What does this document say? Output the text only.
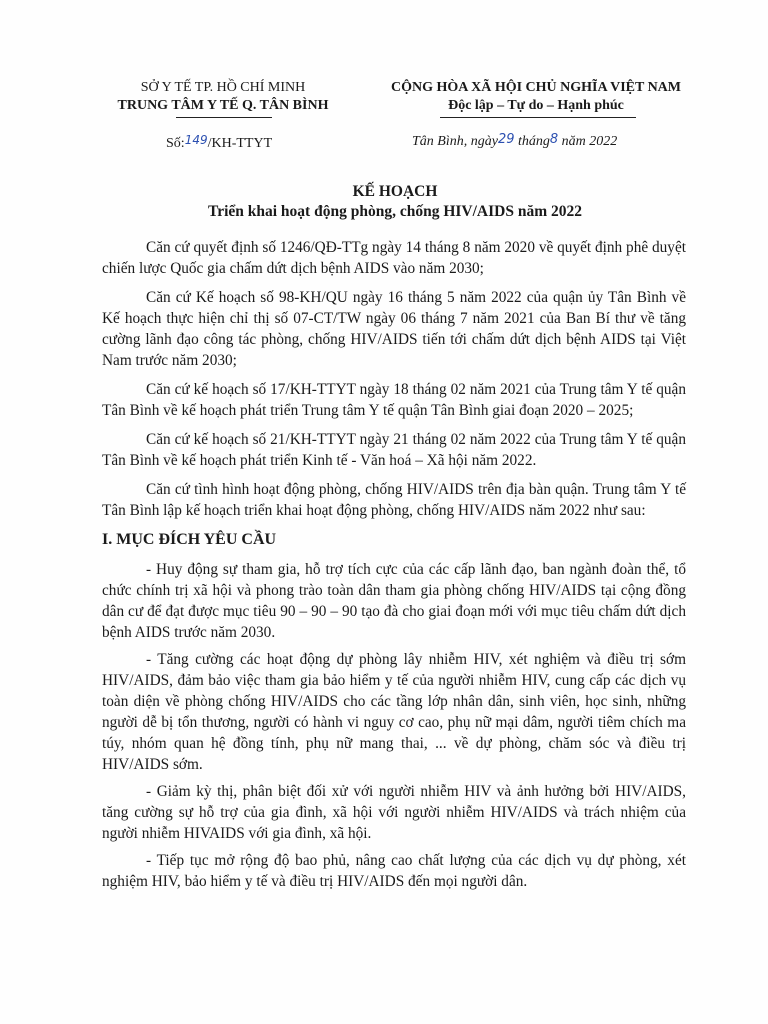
SỞ Y TẾ TP. HỒ CHÍ MINH
TRUNG TÂM Y TẾ Q. TÂN BÌNH
CỘNG HÒA XÃ HỘI CHỦ NGHĨA VIỆT NAM
Độc lập – Tự do – Hạnh phúc
Số:149/KH-TTYT	Tân Bình, ngày29 tháng8 năm 2022
KẾ HOẠCH
Triển khai hoạt động phòng, chống HIV/AIDS năm 2022

Căn cứ quyết định số 1246/QĐ-TTg ngày 14 tháng 8 năm 2020 về quyết định phê duyệt chiến lược Quốc gia chấm dứt dịch bệnh AIDS vào năm 2030;

Căn cứ Kế hoạch số 98-KH/QU ngày 16 tháng 5 năm 2022 của quận ủy Tân Bình về Kế hoạch thực hiện chỉ thị số 07-CT/TW ngày 06 tháng 7 năm 2021 của Ban Bí thư về tăng cường lãnh đạo công tác phòng, chống HIV/AIDS tiến tới chấm dứt dịch bệnh AIDS tại Việt Nam trước năm 2030;

Căn cứ kế hoạch số 17/KH-TTYT ngày 18 tháng 02 năm 2021 của Trung tâm Y tế quận Tân Bình về kế hoạch phát triển Trung tâm Y tế quận Tân Bình giai đoạn 2020 – 2025;

Căn cứ kế hoạch số 21/KH-TTYT ngày 21 tháng 02 năm 2022 của Trung tâm Y tế quận Tân Bình về kế hoạch phát triển Kinh tế - Văn hoá – Xã hội năm 2022.

Căn cứ tình hình hoạt động phòng, chống HIV/AIDS trên địa bàn quận. Trung tâm Y tế Tân Bình lập kế hoạch triển khai hoạt động phòng, chống HIV/AIDS năm 2022 như sau:

I. MỤC ĐÍCH YÊU CẦU

- Huy động sự tham gia, hỗ trợ tích cực của các cấp lãnh đạo, ban ngành đoàn thể, tổ chức chính trị xã hội và phong trào toàn dân tham gia phòng chống HIV/AIDS tại cộng đồng dân cư để đạt được mục tiêu 90 – 90 – 90 tạo đà cho giai đoạn mới với mục tiêu chấm dứt dịch bệnh AIDS trước năm 2030.

- Tăng cường các hoạt động dự phòng lây nhiễm HIV, xét nghiệm và điều trị sớm HIV/AIDS, đảm bảo việc tham gia bảo hiểm y tế của người nhiễm HIV, cung cấp các dịch vụ toàn diện về phòng chống HIV/AIDS cho các tầng lớp nhân dân, sinh viên, học sinh, những người dễ bị tổn thương, người có hành vi nguy cơ cao, phụ nữ mại dâm, người tiêm chích ma túy, nhóm quan hệ đồng tính, phụ nữ mang thai, ... về dự phòng, chăm sóc và điều trị HIV/AIDS sớm.

- Giảm kỳ thị, phân biệt đối xử với người nhiễm HIV và ảnh hưởng bởi HIV/AIDS, tăng cường sự hỗ trợ của gia đình, xã hội với người nhiễm HIV/AIDS và trách nhiệm của người nhiễm HIVAIDS với gia đình, xã hội.

- Tiếp tục mở rộng độ bao phủ, nâng cao chất lượng của các dịch vụ dự phòng, xét nghiệm HIV, bảo hiểm y tế và điều trị HIV/AIDS đến mọi người dân.
